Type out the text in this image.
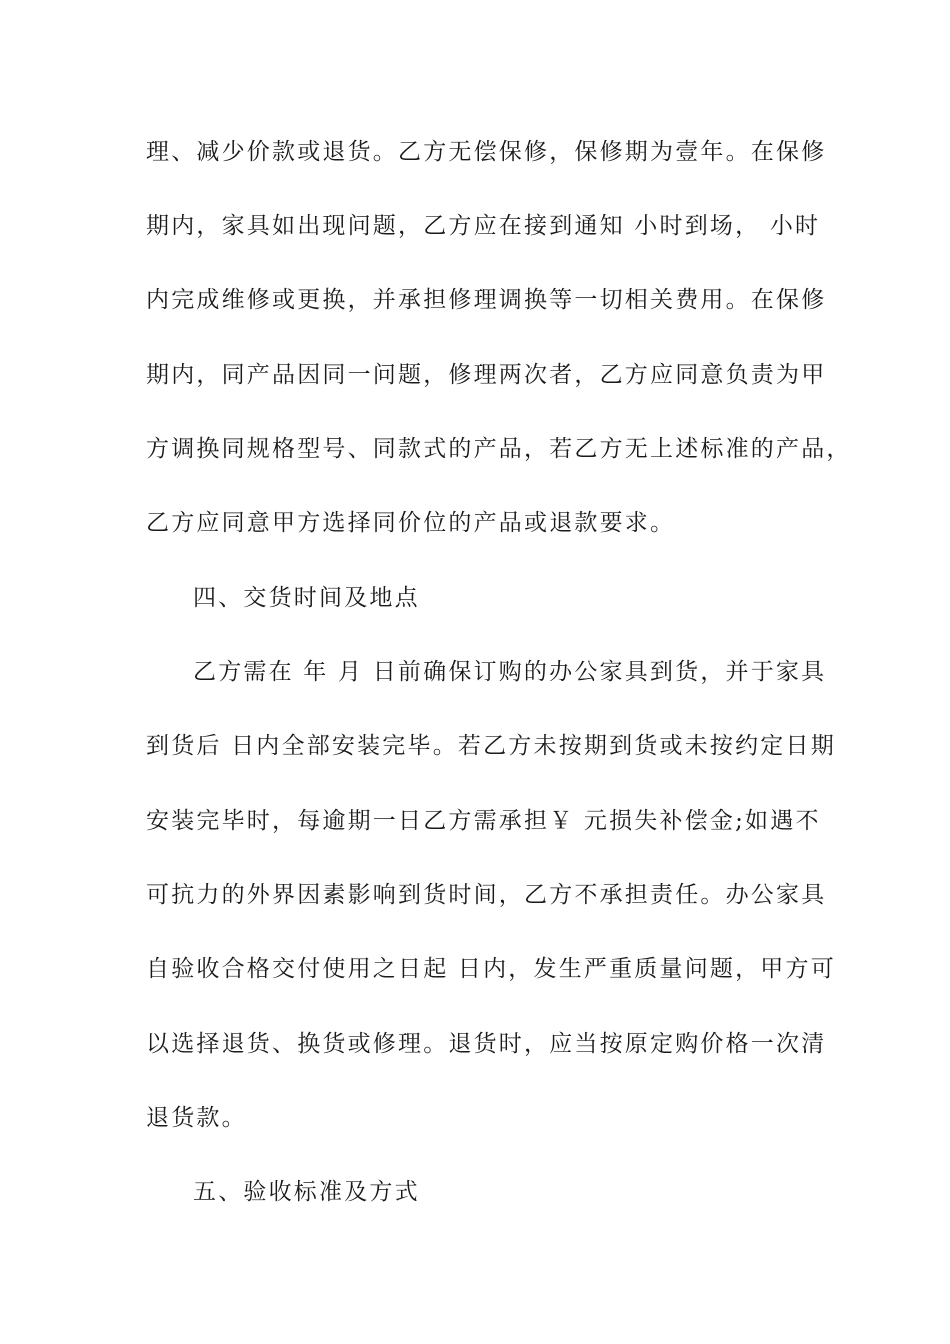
理、减少价款或退货。乙方无偿保修，保修期为壹年。在保修
期内，家具如出现问题，乙方应在接到通知 小时到场， 小时
内完成维修或更换，并承担修理调换等一切相关费用。在保修
期内，同产品因同一问题，修理两次者，乙方应同意负责为甲
方调换同规格型号、同款式的产品，若乙方无上述标准的产品，
乙方应同意甲方选择同价位的产品或退款要求。
四、交货时间及地点
乙方需在 年 月 日前确保订购的办公家具到货，并于家具
到货后 日内全部安装完毕。若乙方未按期到货或未按约定日期
安装完毕时，每逾期一日乙方需承担￥ 元损失补偿金;如遇不
可抗力的外界因素影响到货时间，乙方不承担责任。办公家具
自验收合格交付使用之日起 日内，发生严重质量问题，甲方可
以选择退货、换货或修理。退货时，应当按原定购价格一次清
退货款。
五、验收标准及方式
